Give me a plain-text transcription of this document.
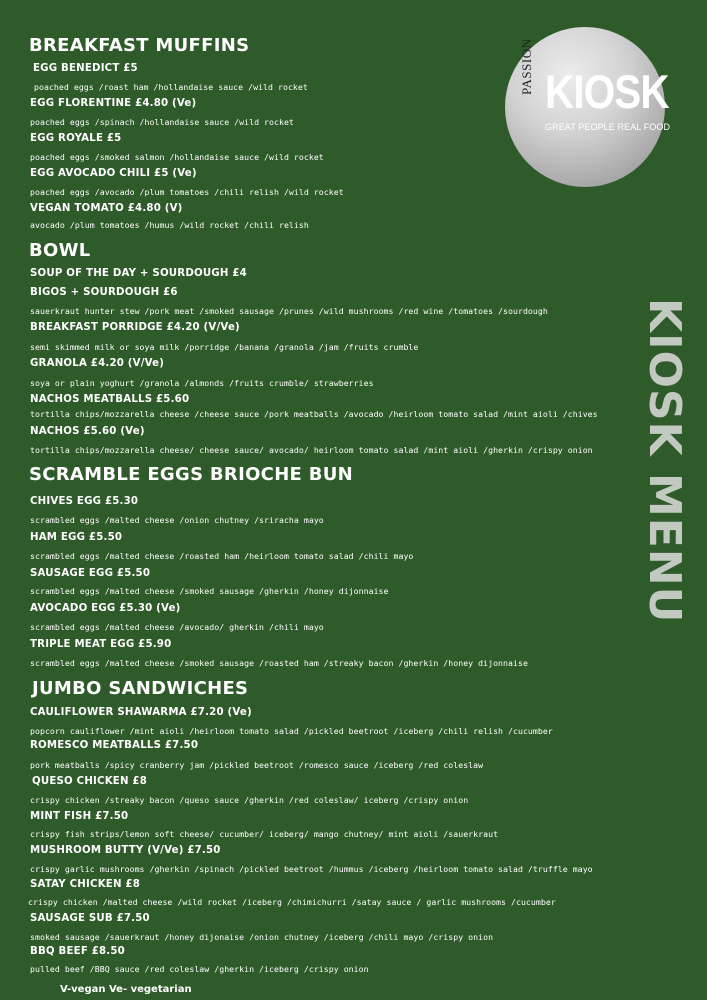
PASSION KIOSK
GREAT PEOPLE REAL FOOD
KIOSK MENU
BREAKFAST MUFFINS
EGG BENEDICT £5
poached eggs /roast ham /hollandaise sauce /wild rocket
EGG FLORENTINE £4.80 (Ve)
poached eggs /spinach /hollandaise sauce /wild rocket
EGG ROYALE £5
poached eggs /smoked salmon /hollandaise sauce /wild rocket
EGG AVOCADO CHILI £5 (Ve)
poached eggs /avocado /plum tomatoes /chili relish /wild rocket
VEGAN TOMATO £4.80 (V)
avocado /plum tomatoes /humus /wild rocket /chili relish
BOWL
SOUP OF THE DAY + SOURDOUGH £4
BIGOS + SOURDOUGH £6
sauerkraut hunter stew /pork meat /smoked sausage /prunes /wild mushrooms /red wine /tomatoes /sourdough
BREAKFAST PORRIDGE £4.20 (V/Ve)
semi skimmed milk or soya milk /porridge /banana /granola /jam /fruits crumble
GRANOLA £4.20 (V/Ve)
soya or plain yoghurt /granola /almonds /fruits crumble/ strawberries
NACHOS MEATBALLS £5.60
tortilla chips/mozzarella cheese /cheese sauce /pork meatballs /avocado /heirloom tomato salad /mint aioli /chives
NACHOS £5.60 (Ve)
tortilla chips/mozzarella cheese/ cheese sauce/ avocado/ heirloom tomato salad /mint aioli /gherkin /crispy onion
SCRAMBLE EGGS BRIOCHE BUN
CHIVES EGG £5.30
scrambled eggs /malted cheese /onion chutney /sriracha mayo
HAM EGG £5.50
scrambled eggs /malted cheese /roasted ham /heirloom tomato salad /chili mayo
SAUSAGE EGG £5.50
scrambled eggs /malted cheese /smoked sausage /gherkin /honey dijonnaise
AVOCADO EGG £5.30 (Ve)
scrambled eggs /malted cheese /avocado/ gherkin /chili mayo
TRIPLE MEAT EGG £5.90
scrambled eggs /malted cheese /smoked sausage /roasted ham /streaky bacon /gherkin /honey dijonnaise
JUMBO SANDWICHES
CAULIFLOWER SHAWARMA £7.20 (Ve)
popcorn cauliflower /mint aioli /heirloom tomato salad /pickled beetroot /iceberg /chili relish /cucumber
ROMESCO MEATBALLS £7.50
pork meatballs /spicy cranberry jam /pickled beetroot /romesco sauce /iceberg /red coleslaw
QUESO CHICKEN £8
crispy chicken /streaky bacon /queso sauce /gherkin /red coleslaw/ iceberg /crispy onion
MINT FISH £7.50
crispy fish strips/lemon soft cheese/ cucumber/ iceberg/ mango chutney/ mint aioli /sauerkraut
MUSHROOM BUTTY (V/Ve) £7.50
crispy garlic mushrooms /gherkin /spinach /pickled beetroot /hummus /iceberg /heirloom tomato salad /truffle mayo
SATAY CHICKEN £8
crispy chicken /malted cheese /wild rocket /iceberg /chimichurri /satay sauce / garlic mushrooms /cucumber
SAUSAGE SUB £7.50
smoked sausage /sauerkraut /honey dijonaise /onion chutney /iceberg /chili mayo /crispy onion
BBQ BEEF £8.50
pulled beef /BBQ sauce /red coleslaw /gherkin /iceberg /crispy onion
V-vegan Ve- vegetarian
